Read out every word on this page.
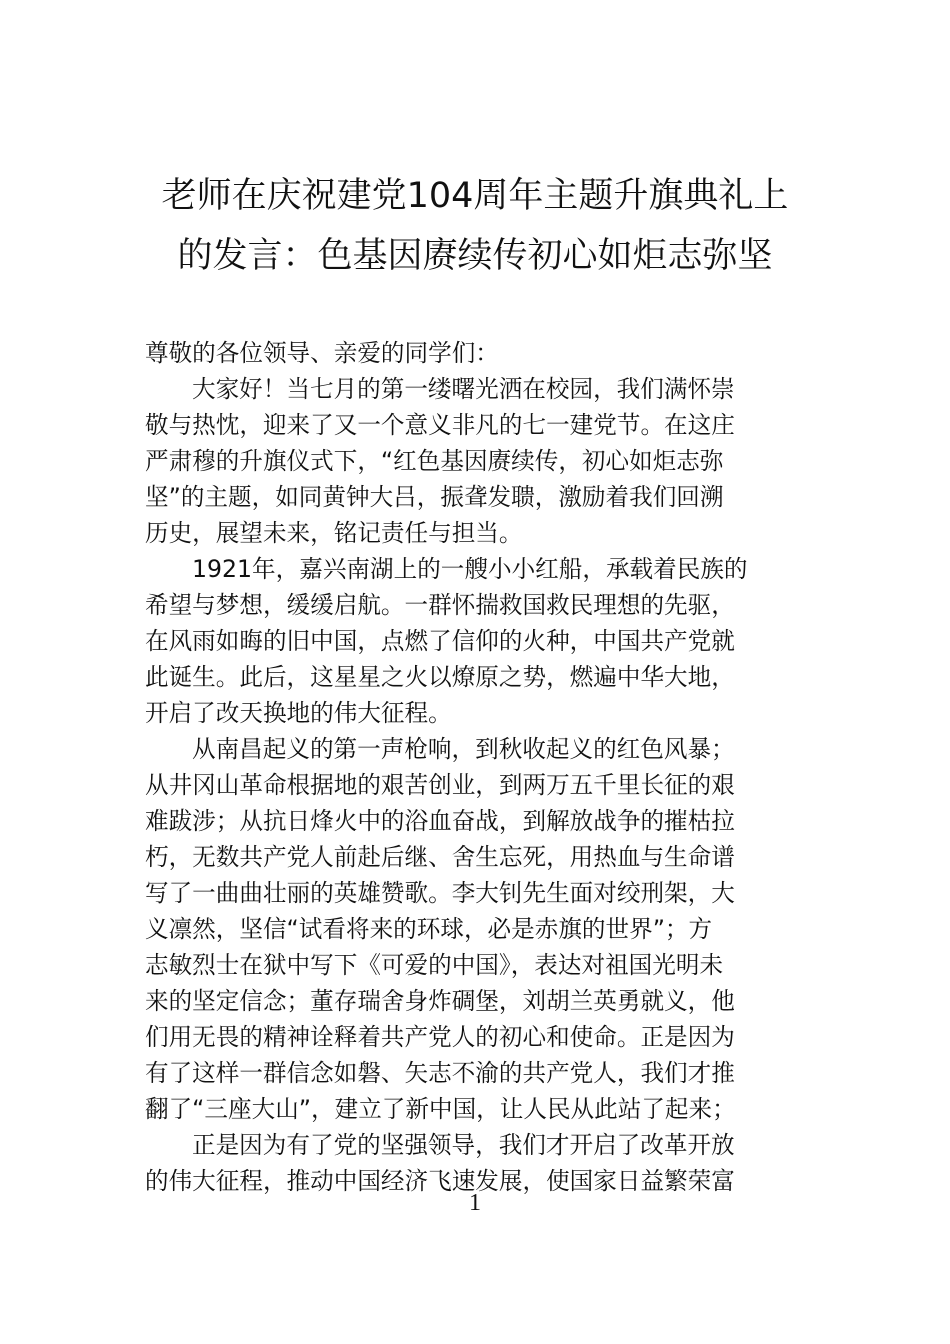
老师在庆祝建党104周年主题升旗典礼上
的发言：色基因赓续传初心如炬志弥坚
尊敬的各位领导、亲爱的同学们：
大家好！当七月的第一缕曙光洒在校园，我们满怀崇
敬与热忱，迎来了又一个意义非凡的七一建党节。在这庄
严肃穆的升旗仪式下，“红色基因赓续传，初心如炬志弥
坚”的主题，如同黄钟大吕，振聋发聩，激励着我们回溯
历史，展望未来，铭记责任与担当。
1921年，嘉兴南湖上的一艘小小红船，承载着民族的
希望与梦想，缓缓启航。一群怀揣救国救民理想的先驱，
在风雨如晦的旧中国，点燃了信仰的火种，中国共产党就
此诞生。此后，这星星之火以燎原之势，燃遍中华大地，
开启了改天换地的伟大征程。
从南昌起义的第一声枪响，到秋收起义的红色风暴；
从井冈山革命根据地的艰苦创业，到两万五千里长征的艰
难跋涉；从抗日烽火中的浴血奋战，到解放战争的摧枯拉
朽，无数共产党人前赴后继、舍生忘死，用热血与生命谱
写了一曲曲壮丽的英雄赞歌。李大钊先生面对绞刑架，大
义凛然，坚信“试看将来的环球，必是赤旗的世界”；方
志敏烈士在狱中写下《可爱的中国》，表达对祖国光明未
来的坚定信念；董存瑞舍身炸碉堡，刘胡兰英勇就义，他
们用无畏的精神诠释着共产党人的初心和使命。正是因为
有了这样一群信念如磐、矢志不渝的共产党人，我们才推
翻了“三座大山”，建立了新中国，让人民从此站了起来；
正是因为有了党的坚强领导，我们才开启了改革开放
的伟大征程，推动中国经济飞速发展，使国家日益繁荣富
1
